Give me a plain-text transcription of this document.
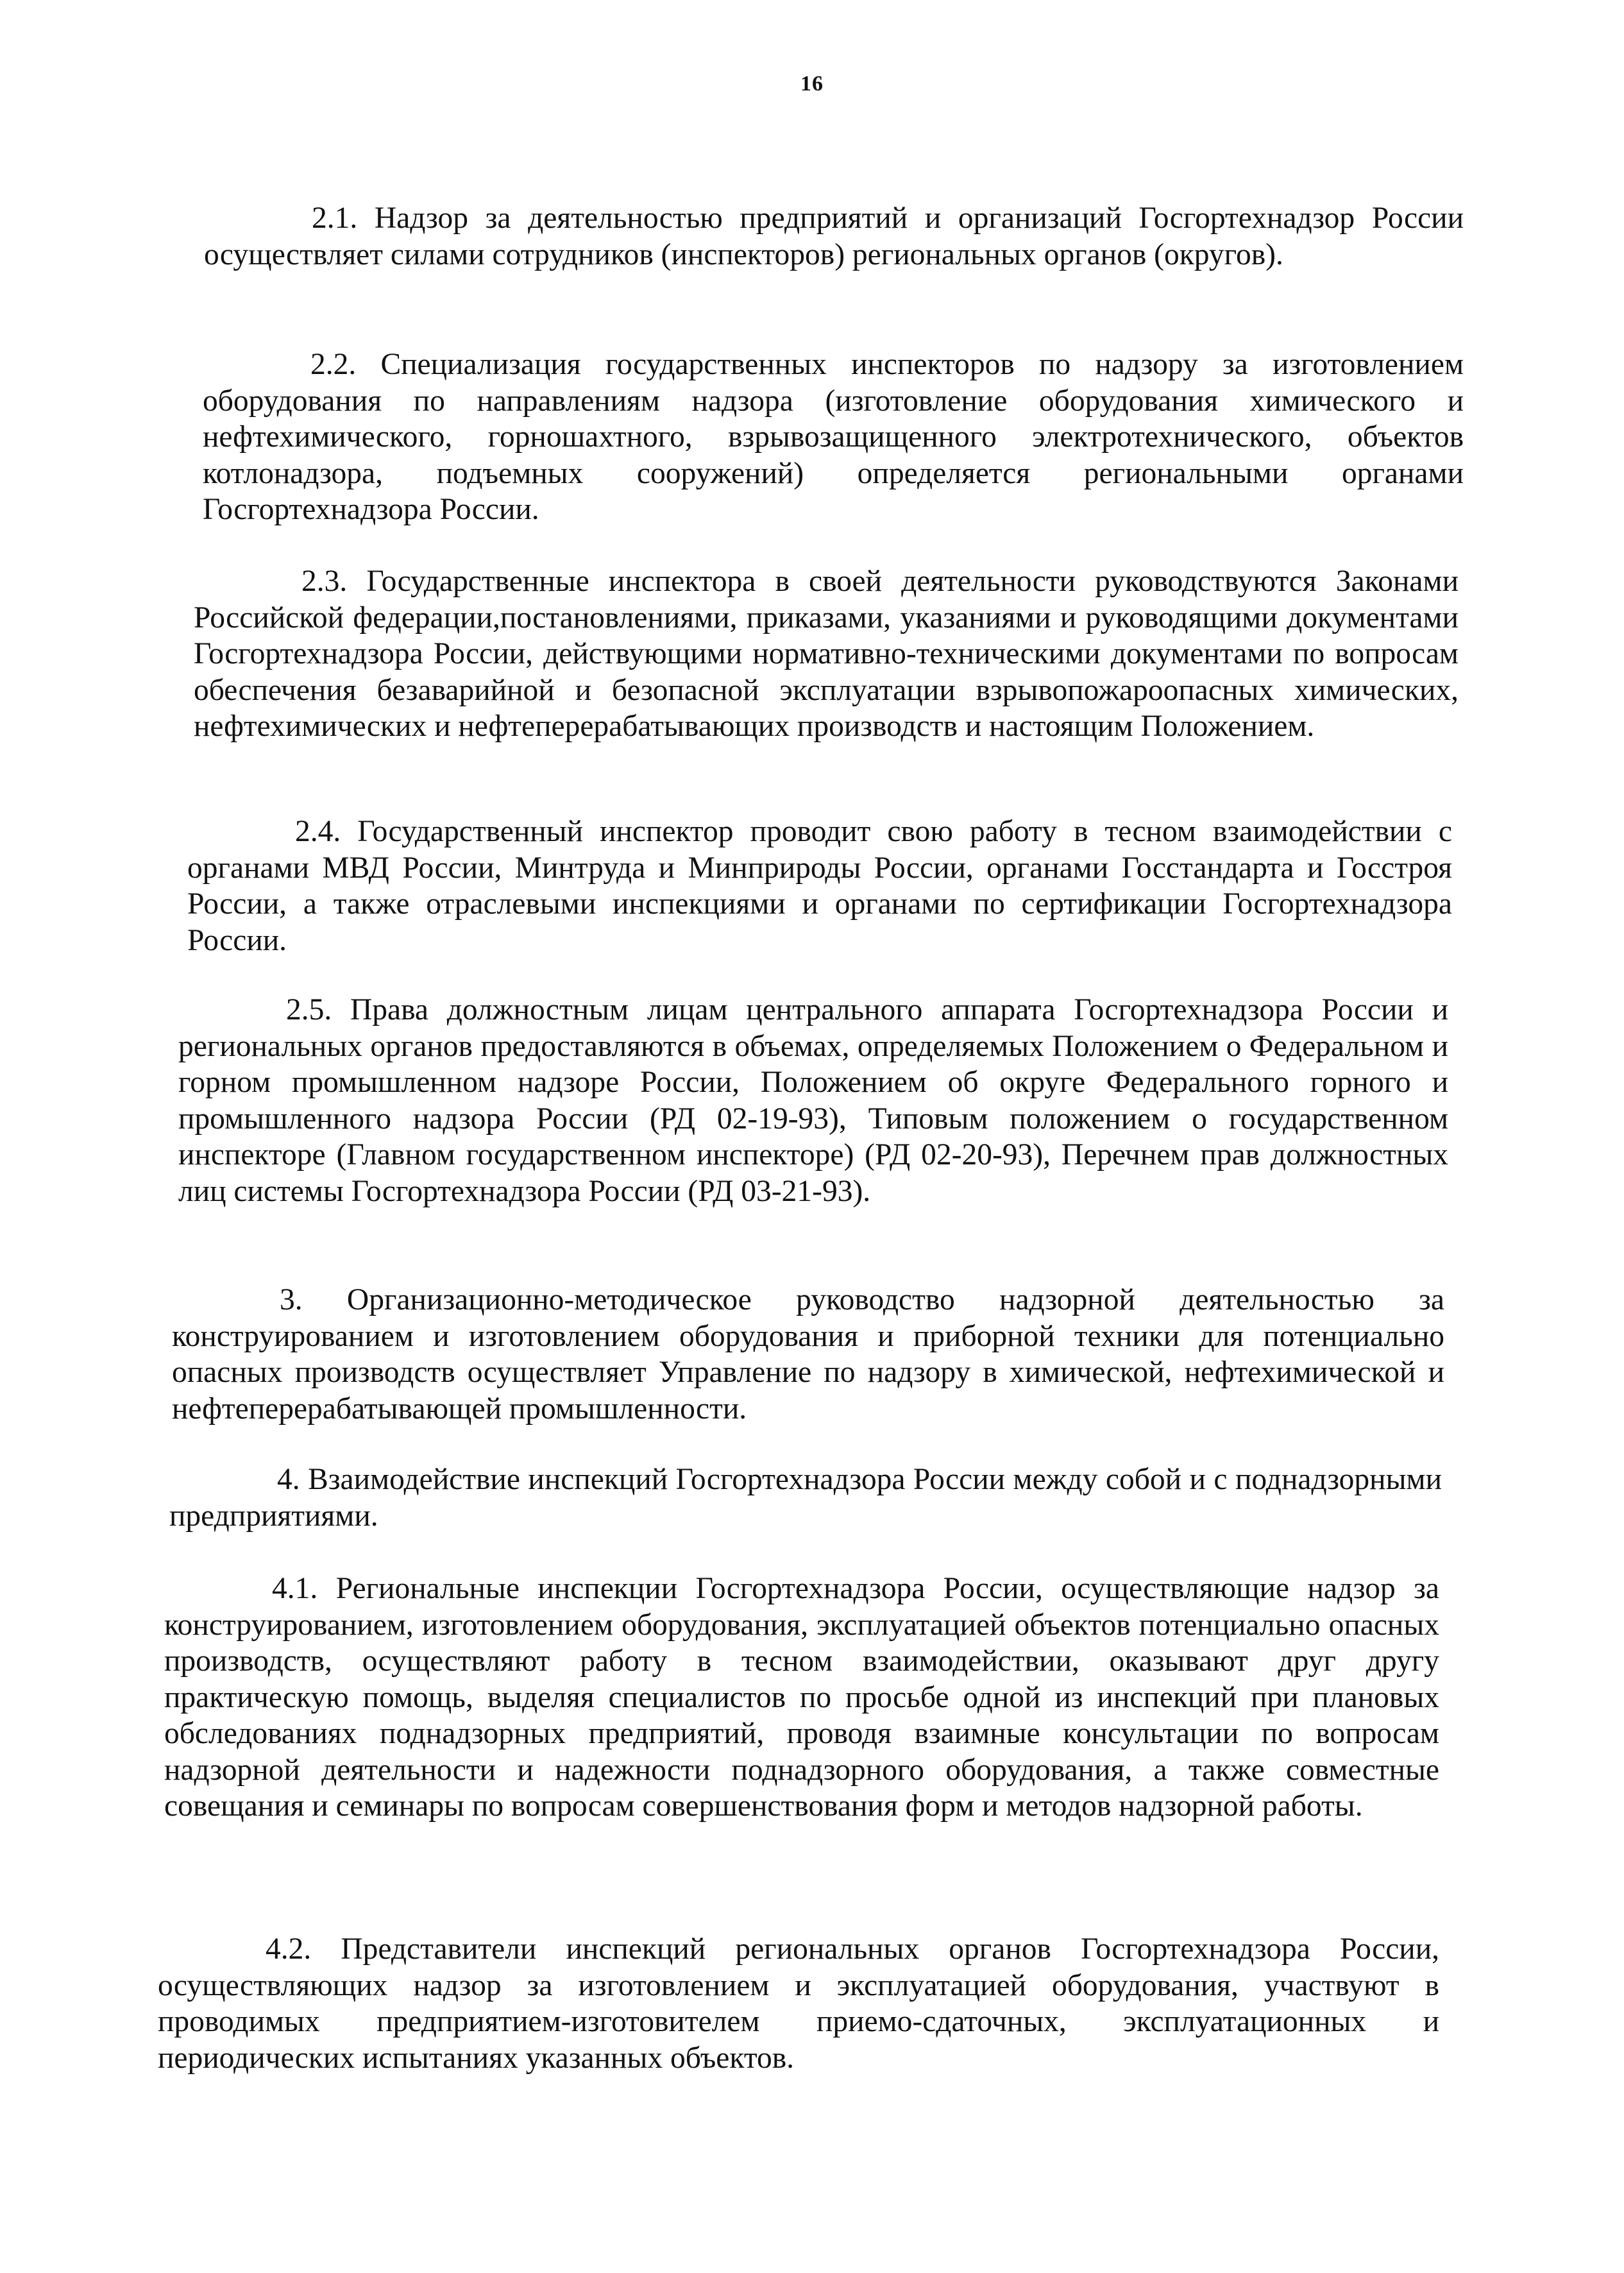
16

2.1. Надзор за деятельностью предприятий и организаций Госгортехнадзор России осуществляет силами сотрудников (инспекторов) региональных органов (округов).

2.2. Специализация государственных инспекторов по надзору за изготовлением оборудования по направлениям надзора (изготовление оборудования химического и нефтехимического, горношахтного, взрывозащищенного электротехнического, объектов котлонадзора, подъемных сооружений) определяется региональными органами Госгортехнадзора России.

2.3. Государственные инспектора в своей деятельности руководствуются Законами Российской федерации,постановлениями, приказами, указаниями и руководящими документами Госгортехнадзора России, действующими нормативно-техническими документами по вопросам обеспечения безаварийной и безопасной эксплуатации взрывопожароопасных химических, нефтехимических и нефтеперерабатывающих производств и настоящим Положением.

2.4. Государственный инспектор проводит свою работу в тесном взаимодействии с органами МВД России, Минтруда и Минприроды России, органами Госстандарта и Госстроя России, а также отраслевыми инспекциями и органами по сертификации Госгортехнадзора России.

2.5. Права должностным лицам центрального аппарата Госгортехнадзора России и региональных органов предоставляются в объемах, определяемых Положением о Федеральном и горном промышленном надзоре России, Положением об округе Федерального горного и промышленного надзора России (РД 02-19-93), Типовым положением о государственном инспекторе (Главном государственном инспекторе) (РД 02-20-93), Перечнем прав должностных лиц системы Госгортехнадзора России (РД 03-21-93).

3. Организационно-методическое руководство надзорной деятельностью за конструированием и изготовлением оборудования и приборной техники для потенциально опасных производств осуществляет Управление по надзору в химической, нефтехимической и нефтеперерабатывающей промышленности.

4. Взаимодействие инспекций Госгортехнадзора России между собой и с поднадзорными предприятиями.

4.1. Региональные инспекции Госгортехнадзора России, осуществляющие надзор за конструированием, изготовлением оборудования, эксплуатацией объектов потенциально опасных производств, осуществляют работу в тесном взаимодействии, оказывают друг другу практическую помощь, выделяя специалистов по просьбе одной из инспекций при плановых обследованиях поднадзорных предприятий, проводя взаимные консультации по вопросам надзорной деятельности и надежности поднадзорного оборудования, а также совместные совещания и семинары по вопросам совершенствования форм и методов надзорной работы.

4.2. Представители инспекций региональных органов Госгортехнадзора России, осуществляющих надзор за изготовлением и эксплуатацией оборудования, участвуют в проводимых предприятием-изготовителем приемо-сдаточных, эксплуатационных и периодических испытаниях указанных объектов.
